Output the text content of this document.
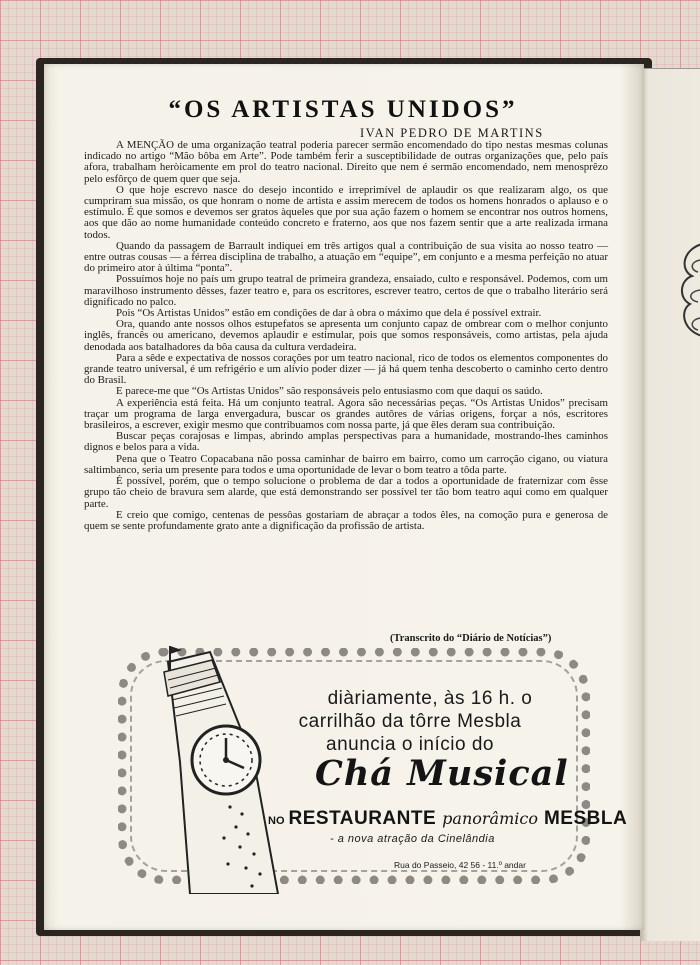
“OS ARTISTAS UNIDOS”
IVAN PEDRO DE MARTINS

A MENÇÃO de uma organização teatral poderia parecer sermão encomendado do tipo nestas mesmas colunas indicado no artigo “Mão bôba em Arte”. Pode também ferir a susceptibilidade de outras organizações que, pelo país afora, trabalham heròicamente em prol do teatro nacional. Direito que nem é sermão encomendado, nem menosprêzo pelo esfôrço de quem quer que seja.

O que hoje escrevo nasce do desejo incontido e irreprimível de aplaudir os que realizaram algo, os que cumpriram sua missão, os que honram o nome de artista e assim merecem de todos os homens honrados o aplauso e o estímulo. É que somos e devemos ser gratos àqueles que por sua ação fazem o homem se encontrar nos outros homens, aos que dão ao nome humanidade conteúdo concreto e fraterno, aos que nos fazem sentir que a arte realizada irmana todos.

Quando da passagem de Barrault indiquei em três artigos qual a contribuição de sua visita ao nosso teatro — entre outras cousas — a férrea disciplina de trabalho, a atuação em “equipe”, em conjunto e a mesma perfeição no atuar do primeiro ator à última “ponta”.

Possuímos hoje no país um grupo teatral de primeira grandeza, ensaiado, culto e responsável. Podemos, com um maravilhoso instrumento dêsses, fazer teatro e, para os escritores, escrever teatro, certos de que o trabalho literário será dignificado no palco.

Pois “Os Artistas Unidos” estão em condições de dar à obra o máximo que dela é possível extrair.

Ora, quando ante nossos olhos estupefatos se apresenta um conjunto capaz de ombrear com o melhor conjunto inglês, francês ou americano, devemos aplaudir e estimular, pois que somos responsáveis, como artistas, pela ajuda denodada aos batalhadores da bôa causa da cultura verdadeira.

Para a sêde e expectativa de nossos corações por um teatro nacional, rico de todos os elementos componentes do grande teatro universal, é um refrigério e um alívio poder dizer — já há quem tenha descoberto o caminho certo dentro do Brasil.

E parece-me que “Os Artistas Unidos” são responsáveis pelo entusiasmo com que daqui os saúdo.

A experiência está feita. Há um conjunto teatral. Agora são necessárias peças. “Os Artistas Unidos” precisam traçar um programa de larga envergadura, buscar os grandes autôres de várias origens, forçar a nós, escritores brasileiros, a escrever, exigir mesmo que contribuamos com nossa parte, já que êles deram sua contribuição.

Buscar peças corajosas e limpas, abrindo amplas perspectivas para a humanidade, mostrando-lhes caminhos dignos e belos para a vida.

Pena que o Teatro Copacabana não possa caminhar de bairro em bairro, como um carroção cigano, ou viatura saltimbanco, seria um presente para todos e uma oportunidade de levar o bom teatro a tôda parte.

É possível, porém, que o tempo solucione o problema de dar a todos a oportunidade de fraternizar com êsse grupo tão cheio de bravura sem alarde, que está demonstrando ser possível ter tão bom teatro aqui como em qualquer parte.

E creio que comigo, centenas de pessôas gostariam de abraçar a todos êles, na comoção pura e generosa de quem se sente profundamente grato ante a dignificação da profissão de artista.

(Transcrito do “Diário de Notícias”)
diàriamente, às 16 h. o
carrilhão da tôrre Mesbla
anuncia o início do
Chá Musical
NO RESTAURANTE panorâmico MESBLA
- a nova atração da Cinelândia
Rua do Passeio, 42 56 - 11.º andar
